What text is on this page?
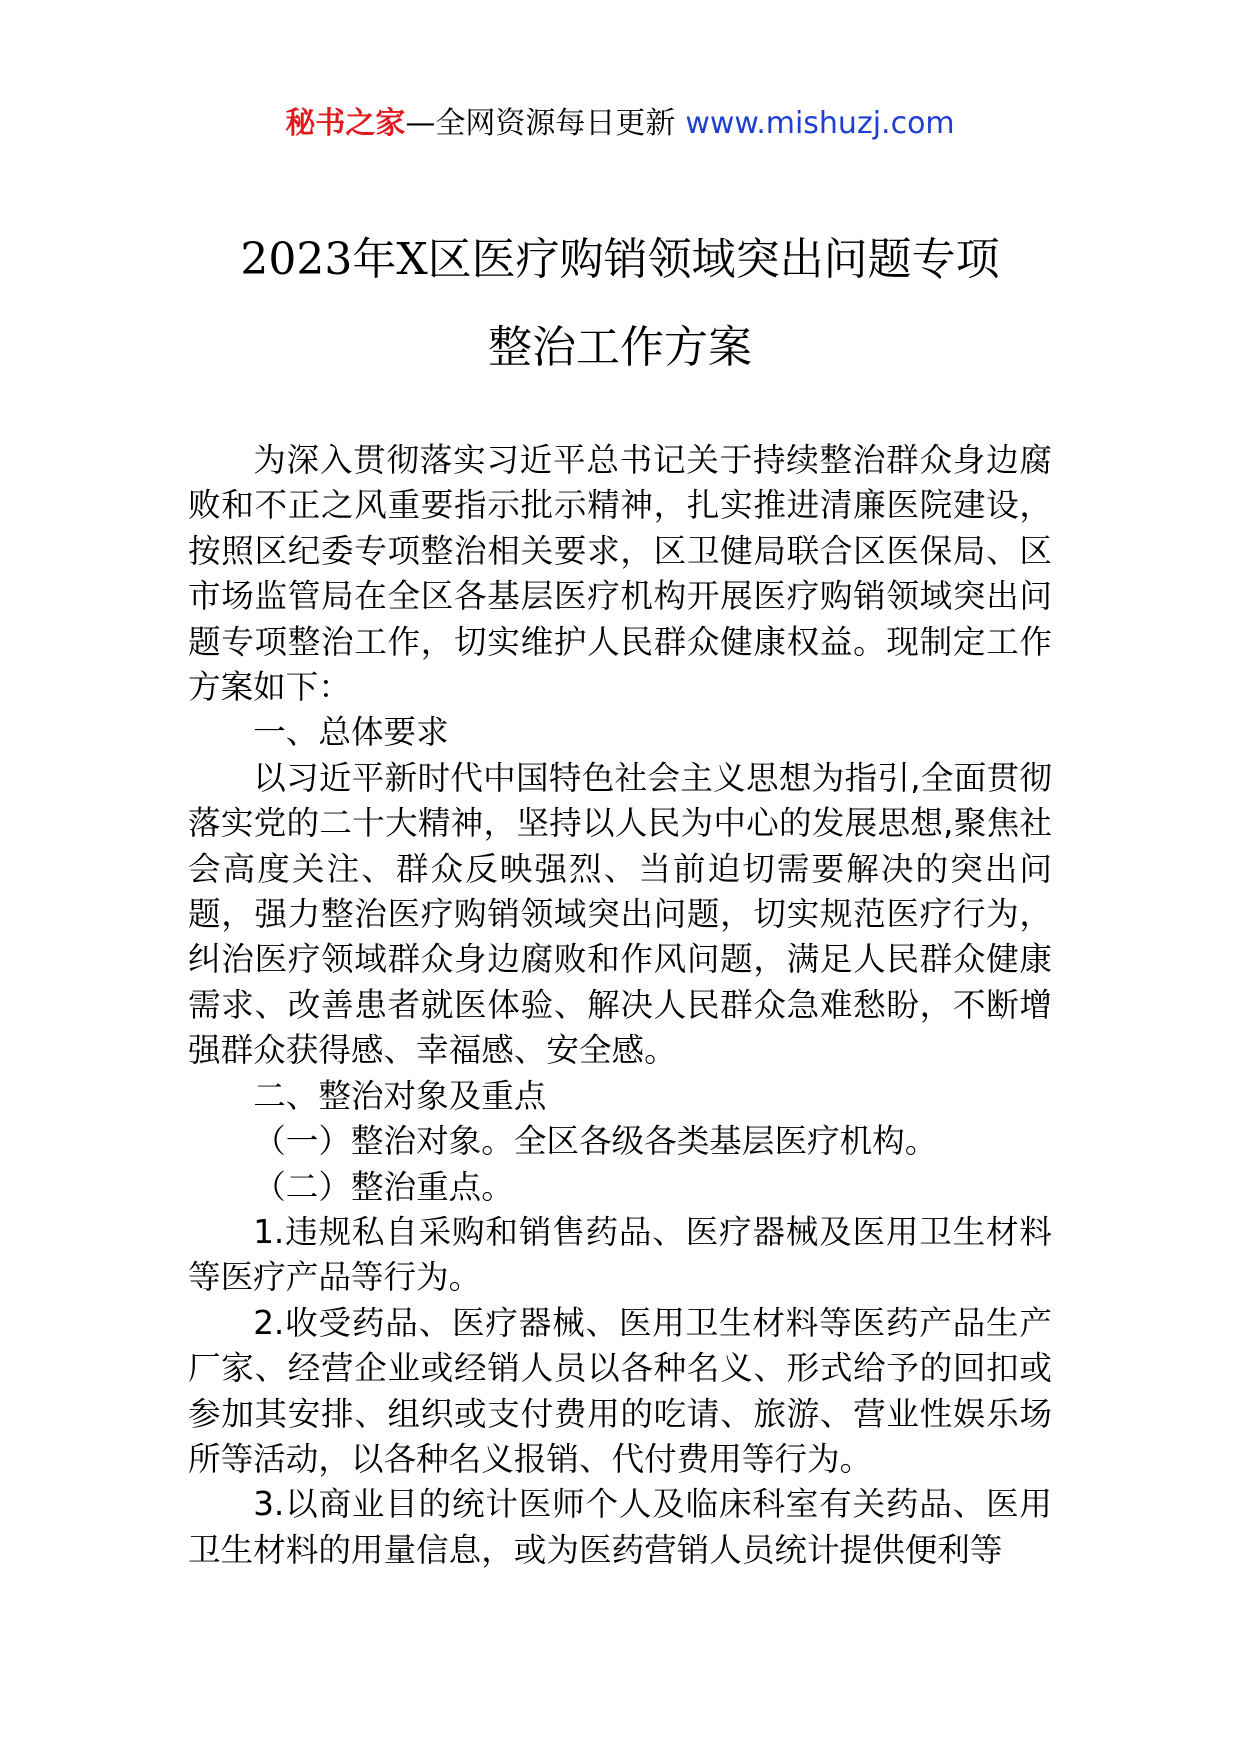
秘书之家—全网资源每日更新 www.mishuzj.com
2023年X区医疗购销领域突出问题专项
整治工作方案

为深入贯彻落实习近平总书记关于持续整治群众身边腐败和不正之风重要指示批示精神，扎实推进清廉医院建设，按照区纪委专项整治相关要求，区卫健局联合区医保局、区市场监管局在全区各基层医疗机构开展医疗购销领域突出问题专项整治工作，切实维护人民群众健康权益。现制定工作方案如下：

一、总体要求

以习近平新时代中国特色社会主义思想为指引,全面贯彻落实党的二十大精神，坚持以人民为中心的发展思想,聚焦社会高度关注、群众反映强烈、当前迫切需要解决的突出问题，强力整治医疗购销领域突出问题，切实规范医疗行为，纠治医疗领域群众身边腐败和作风问题，满足人民群众健康需求、改善患者就医体验、解决人民群众急难愁盼，不断增强群众获得感、幸福感、安全感。

二、整治对象及重点

（一）整治对象。全区各级各类基层医疗机构。

（二）整治重点。

1.违规私自采购和销售药品、医疗器械及医用卫生材料等医疗产品等行为。

2.收受药品、医疗器械、医用卫生材料等医药产品生产厂家、经营企业或经销人员以各种名义、形式给予的回扣或参加其安排、组织或支付费用的吃请、旅游、营业性娱乐场所等活动，以各种名义报销、代付费用等行为。

3.以商业目的统计医师个人及临床科室有关药品、医用卫生材料的用量信息，或为医药营销人员统计提供便利等
